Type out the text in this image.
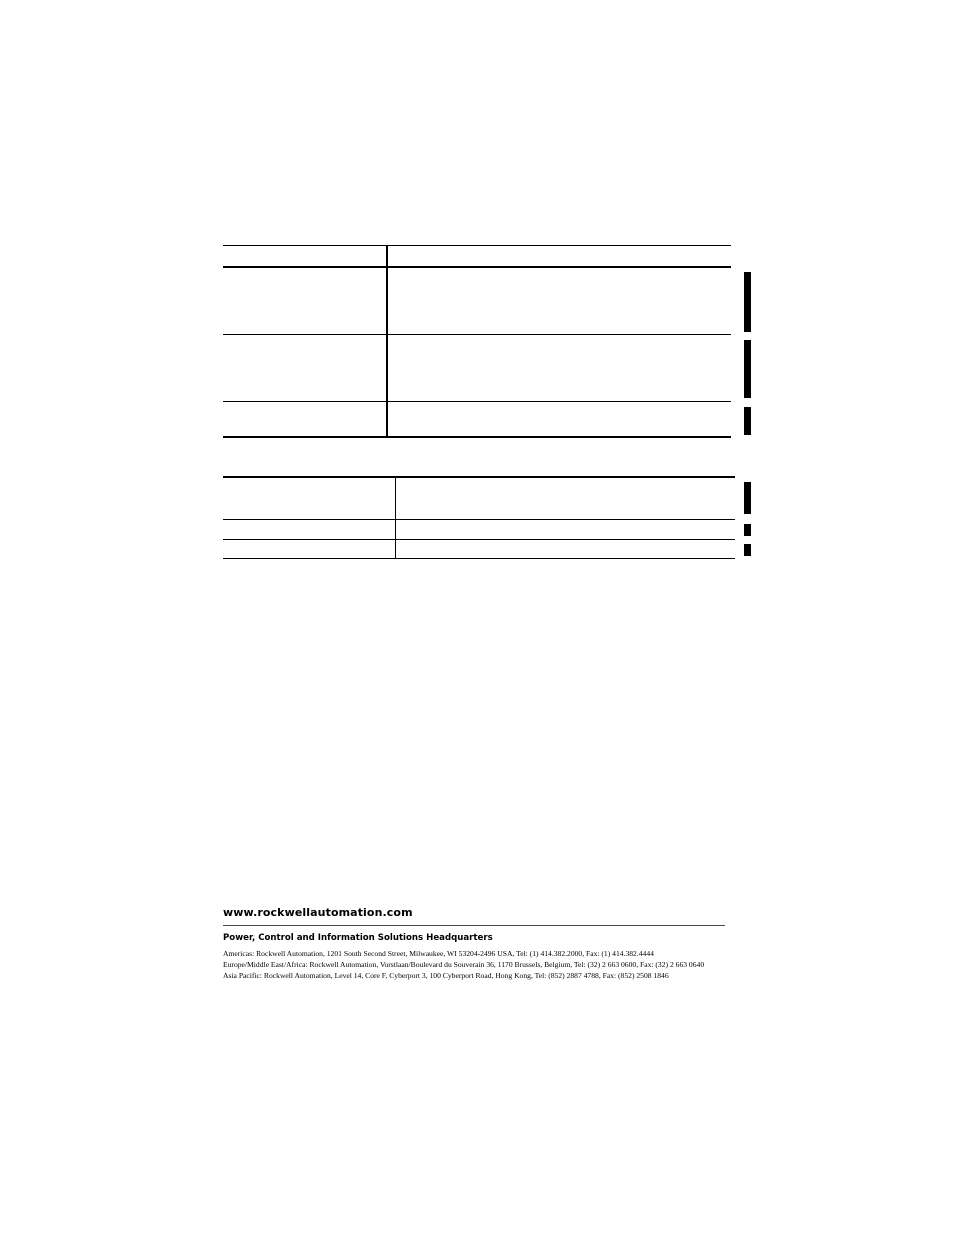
www.rockwellautomation.com
Power, Control and Information Solutions Headquarters
Americas: Rockwell Automation, 1201 South Second Street, Milwaukee, WI 53204-2496 USA, Tel: (1) 414.382.2000, Fax: (1) 414.382.4444
Europe/Middle East/Africa: Rockwell Automation, Vorstlaan/Boulevard du Souverain 36, 1170 Brussels, Belgium, Tel: (32) 2 663 0600, Fax: (32) 2 663 0640
Asia Pacific: Rockwell Automation, Level 14, Core F, Cyberport 3, 100 Cyberport Road, Hong Kong, Tel: (852) 2887 4788, Fax: (852) 2508 1846
